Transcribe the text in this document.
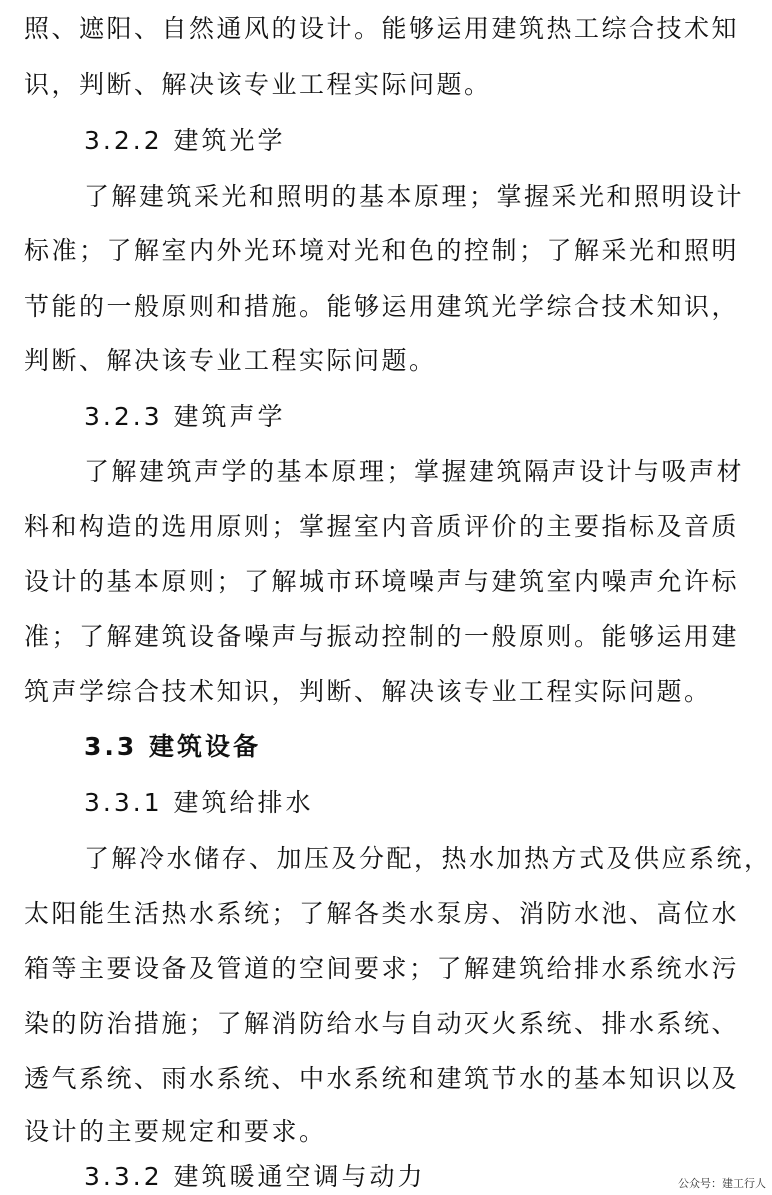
照、遮阳、自然通风的设计。能够运用建筑热工综合技术知
识，判断、解决该专业工程实际问题。
3.2.2 建筑光学
了解建筑采光和照明的基本原理；掌握采光和照明设计
标准；了解室内外光环境对光和色的控制；了解采光和照明
节能的一般原则和措施。能够运用建筑光学综合技术知识，
判断、解决该专业工程实际问题。
3.2.3 建筑声学
了解建筑声学的基本原理；掌握建筑隔声设计与吸声材
料和构造的选用原则；掌握室内音质评价的主要指标及音质
设计的基本原则；了解城市环境噪声与建筑室内噪声允许标
准；了解建筑设备噪声与振动控制的一般原则。能够运用建
筑声学综合技术知识，判断、解决该专业工程实际问题。
3.3 建筑设备
3.3.1 建筑给排水
了解冷水储存、加压及分配，热水加热方式及供应系统，
太阳能生活热水系统；了解各类水泵房、消防水池、高位水
箱等主要设备及管道的空间要求；了解建筑给排水系统水污
染的防治措施；了解消防给水与自动灭火系统、排水系统、
透气系统、雨水系统、中水系统和建筑节水的基本知识以及
设计的主要规定和要求。
3.3.2 建筑暖通空调与动力	公众号：建工行人
